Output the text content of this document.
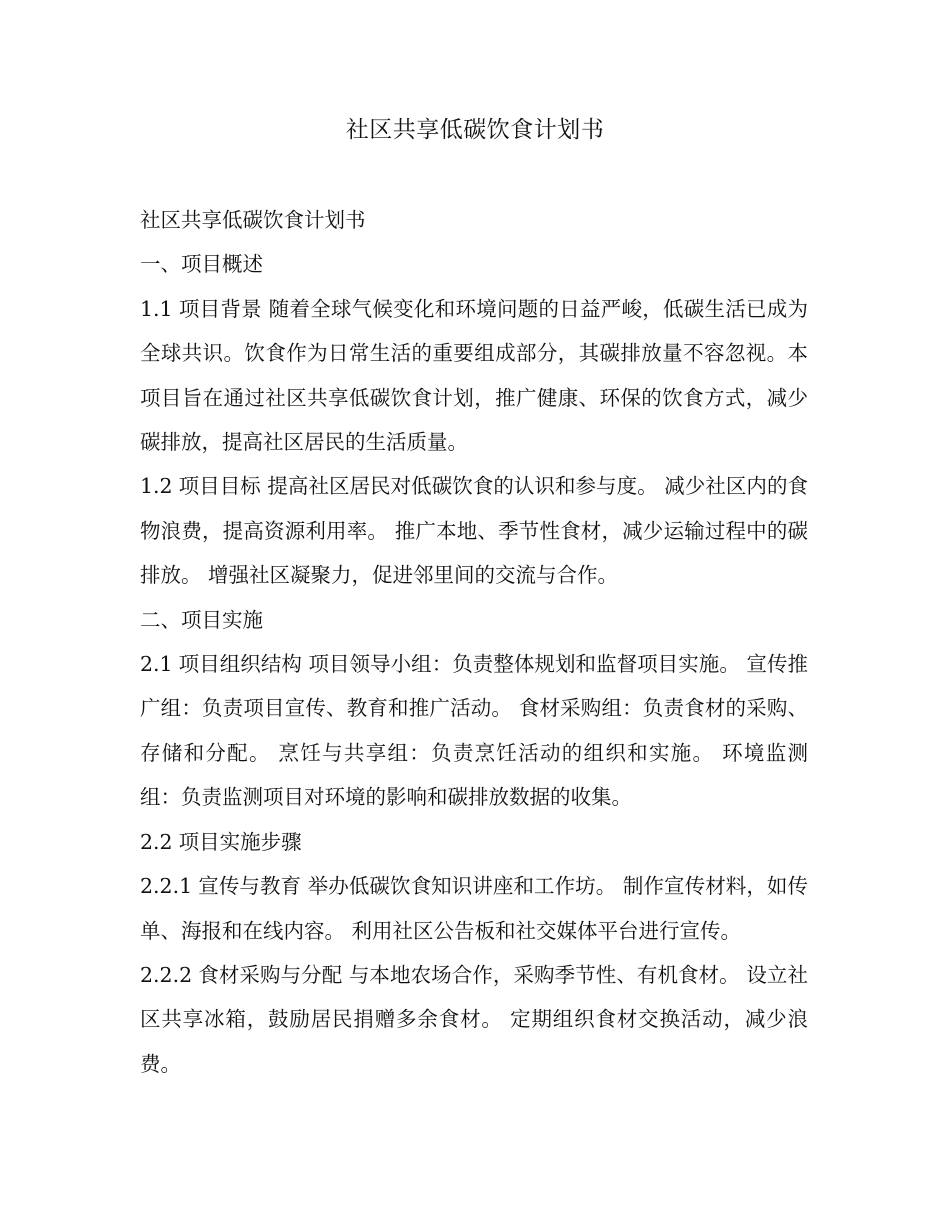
社区共享低碳饮食计划书

社区共享低碳饮食计划书

一、项目概述

1.1 项目背景 随着全球气候变化和环境问题的日益严峻，低碳生活已成为全球共识。饮食作为日常生活的重要组成部分，其碳排放量不容忽视。本项目旨在通过社区共享低碳饮食计划，推广健康、环保的饮食方式，减少碳排放，提高社区居民的生活质量。

1.2 项目目标 提高社区居民对低碳饮食的认识和参与度。 减少社区内的食物浪费，提高资源利用率。 推广本地、季节性食材，减少运输过程中的碳排放。 增强社区凝聚力，促进邻里间的交流与合作。

二、项目实施

2.1 项目组织结构 项目领导小组：负责整体规划和监督项目实施。 宣传推广组：负责项目宣传、教育和推广活动。 食材采购组：负责食材的采购、存储和分配。 烹饪与共享组：负责烹饪活动的组织和实施。 环境监测组：负责监测项目对环境的影响和碳排放数据的收集。

2.2 项目实施步骤

2.2.1 宣传与教育 举办低碳饮食知识讲座和工作坊。 制作宣传材料，如传单、海报和在线内容。 利用社区公告板和社交媒体平台进行宣传。

2.2.2 食材采购与分配 与本地农场合作，采购季节性、有机食材。 设立社区共享冰箱，鼓励居民捐赠多余食材。 定期组织食材交换活动，减少浪费。
